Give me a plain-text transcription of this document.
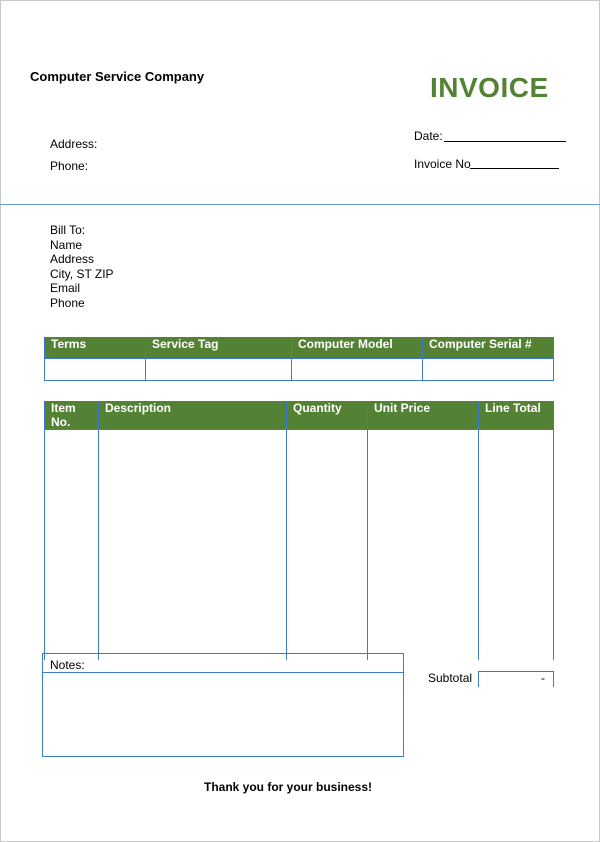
Computer Service Company	INVOICE
Address:
Phone:
Date:
Invoice No
Bill To:
Name
Address
City, ST ZIP
Email
Phone
Terms	Service Tag	Computer Model	Computer Serial #

Item No.	Description	Quantity	Unit Price	Line Total

Notes:
Subtotal	-
Thank you for your business!
